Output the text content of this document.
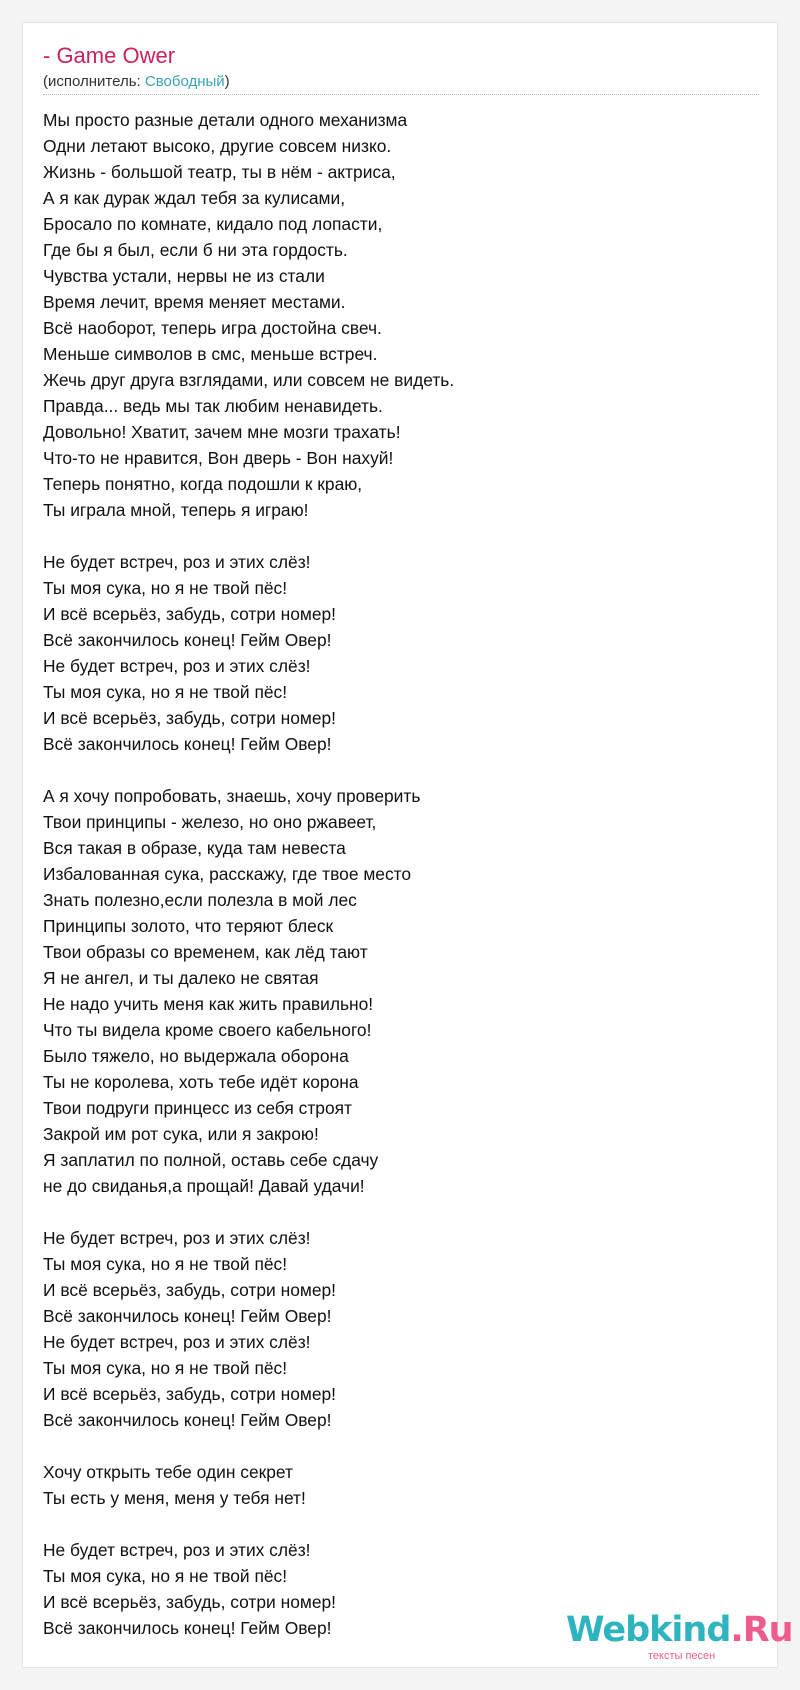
- Game Ower
(исполнитель: Свободный)
Мы просто разные детали одного механизма
Одни летают высоко, другие совсем низко.
Жизнь - большой театр, ты в нём - актриса,
А я как дурак ждал тебя за кулисами,
Бросало по комнате, кидало под лопасти,
Где бы я был, если б ни эта гордость.
Чувства устали, нервы не из стали
Время лечит, время меняет местами.
Всё наоборот, теперь игра достойна свеч.
Меньше символов в смс, меньше встреч.
Жечь друг друга взглядами, или совсем не видеть.
Правда... ведь мы так любим ненавидеть.
Довольно! Хватит, зачем мне мозги трахать!
Что-то не нравится, Вон дверь - Вон нахуй!
Теперь понятно, когда подошли к краю,
Ты играла мной, теперь я играю!
Не будет встреч, роз и этих слёз!
Ты моя сука, но я не твой пёс!
И всё всерьёз, забудь, сотри номер!
Всё закончилось конец! Гейм Овер!
Не будет встреч, роз и этих слёз!
Ты моя сука, но я не твой пёс!
И всё всерьёз, забудь, сотри номер!
Всё закончилось конец! Гейм Овер!
А я хочу попробовать, знаешь, хочу проверить
Твои принципы - железо, но оно ржавеет,
Вся такая в образе, куда там невеста
Избалованная сука, расскажу, где твое место
Знать полезно,если полезла в мой лес
Принципы золото, что теряют блеск
Твои образы со временем, как лёд тают
Я не ангел, и ты далеко не святая
Не надо учить меня как жить правильно!
Что ты видела кроме своего кабельного!
Было тяжело, но выдержала оборона
Ты не королева, хоть тебе идёт корона
Твои подруги принцесс из себя строят
Закрой им рот сука, или я закрою!
Я заплатил по полной, оставь себе сдачу
не до свиданья,а прощай! Давай удачи!
Не будет встреч, роз и этих слёз!
Ты моя сука, но я не твой пёс!
И всё всерьёз, забудь, сотри номер!
Всё закончилось конец! Гейм Овер!
Не будет встреч, роз и этих слёз!
Ты моя сука, но я не твой пёс!
И всё всерьёз, забудь, сотри номер!
Всё закончилось конец! Гейм Овер!
Хочу открыть тебе один секрет
Ты есть у меня, меня у тебя нет!
Не будет встреч, роз и этих слёз!
Ты моя сука, но я не твой пёс!
И всё всерьёз, забудь, сотри номер!
Всё закончилось конец! Гейм Овер!	Webkind.Ru
тексты песен
